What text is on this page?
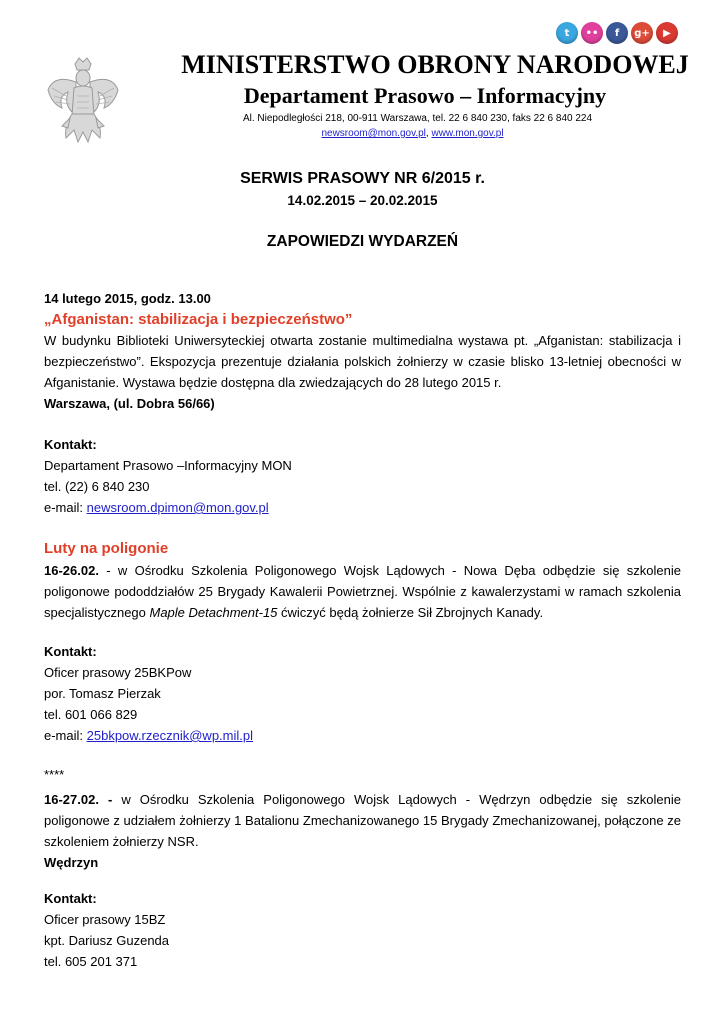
t	••	f	g+	▶
MINISTERSTWO OBRONY NARODOWEJ
Departament Prasowo – Informacyjny
Al. Niepodległości 218, 00-911 Warszawa, tel. 22 6 840 230, faks 22 6 840 224
newsroom@mon.gov.pl, www.mon.gov.pl
SERWIS PRASOWY NR 6/2015 r.
14.02.2015 – 20.02.2015
ZAPOWIEDZI WYDARZEŃ

14 lutego 2015, godz. 13.00

„Afganistan: stabilizacja i bezpieczeństwo”

W budynku Biblioteki Uniwersyteckiej otwarta zostanie multimedialna wystawa pt. „Afganistan: stabilizacja i bezpieczeństwo”. Ekspozycja prezentuje działania polskich żołnierzy w czasie blisko 13-letniej obecności w Afganistanie. Wystawa będzie dostępna dla zwiedzających do 28 lutego 2015 r.

Warszawa, (ul. Dobra 56/66)

Kontakt:

Departament Prasowo –Informacyjny MON

tel. (22) 6 840 230

e-mail: newsroom.dpimon@mon.gov.pl

Luty na poligonie

16-26.02. - w Ośrodku Szkolenia Poligonowego Wojsk Lądowych - Nowa Dęba odbędzie się szkolenie poligonowe pododdziałów 25 Brygady Kawalerii Powietrznej. Wspólnie z kawalerzystami w ramach szkolenia specjalistycznego Maple Detachment-15 ćwiczyć będą żołnierze Sił Zbrojnych Kanady.

Kontakt:

Oficer prasowy 25BKPow

por. Tomasz Pierzak

tel. 601 066 829

e-mail: 25bkpow.rzecznik@wp.mil.pl

****

16-27.02. - w Ośrodku Szkolenia Poligonowego Wojsk Lądowych - Wędrzyn odbędzie się szkolenie poligonowe z udziałem żołnierzy 1 Batalionu Zmechanizowanego 15 Brygady Zmechanizowanej, połączone ze szkoleniem żołnierzy NSR.

Wędrzyn

Kontakt:

Oficer prasowy 15BZ

kpt. Dariusz Guzenda

tel. 605 201 371
